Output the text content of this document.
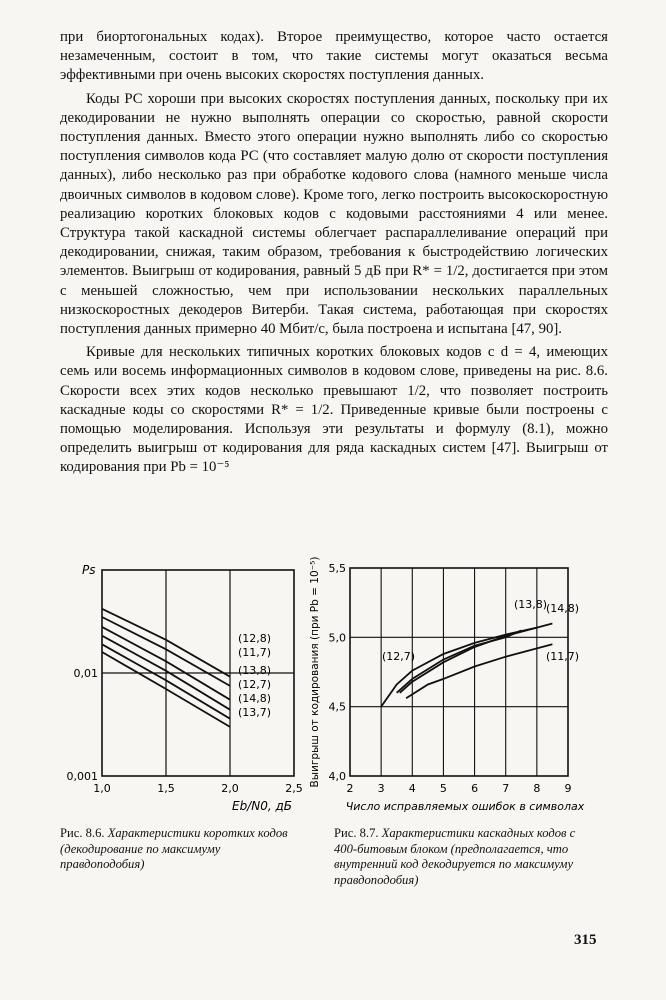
при биортогональных кодах). Второе преимущество, которое часто остается незамеченным, состоит в том, что такие системы могут оказаться весьма эффективными при очень высоких скоростях поступления данных.

Коды РС хороши при высоких скоростях поступления данных, поскольку при их декодировании не нужно выполнять операции со скоростью, равной скорости поступления данных. Вместо этого операции нужно выполнять либо со скоростью поступления символов кода РС (что составляет малую долю от скорости поступления данных), либо несколько раз при обработке кодового слова (намного меньше числа двоичных символов в кодовом слове). Кроме того, легко построить высокоскоростную реализацию коротких блоковых кодов с кодовыми расстояниями 4 или менее. Структура такой каскадной системы облегчает распараллеливание операций при декодировании, снижая, таким образом, требования к быстродействию логических элементов. Выигрыш от кодирования, равный 5 дБ при R* = 1/2, достигается при этом с меньшей сложностью, чем при использовании нескольких параллельных низкоскоростных декодеров Витерби. Такая система, работающая при скоростях поступления данных примерно 40 Мбит/с, была построена и испытана [47, 90].

Кривые для нескольких типичных коротких блоковых кодов с d = 4, имеющих семь или восемь информационных символов в кодовом слове, приведены на рис. 8.6. Скорости всех этих кодов несколько превышают 1/2, что позволяет построить каскадные коды со скоростями R* = 1/2. Приведенные кривые были построены с помощью моделирования. Используя эти результаты и формулу (8.1), можно определить выигрыш от кодирования для ряда каскадных систем [47]. Выигрыш от кодирования при Pb = 10⁻⁵

1,0	1,5	2,0	2,5
0,01
0,001
Ps
Eb/N0, дБ
(12,8)
(11,7)
(13,8)
(12,7)
(14,8)
(13,7)
2 3 4 5 6 7 8 9
4,0
4,5
5,0
5,5
Выигрыш от кодирования (при Pb = 10⁻⁵)
Число исправляемых ошибок в символах
(12,7)
(13,8)
(14,8)
(11,7)
Рис. 8.6. Характеристики коротких кодов (декодирование по максимуму правдоподобия)
Рис. 8.7. Характеристики каскадных кодов с 400-битовым блоком (предполагается, что внутренний код декодируется по максимуму правдоподобия)
315
